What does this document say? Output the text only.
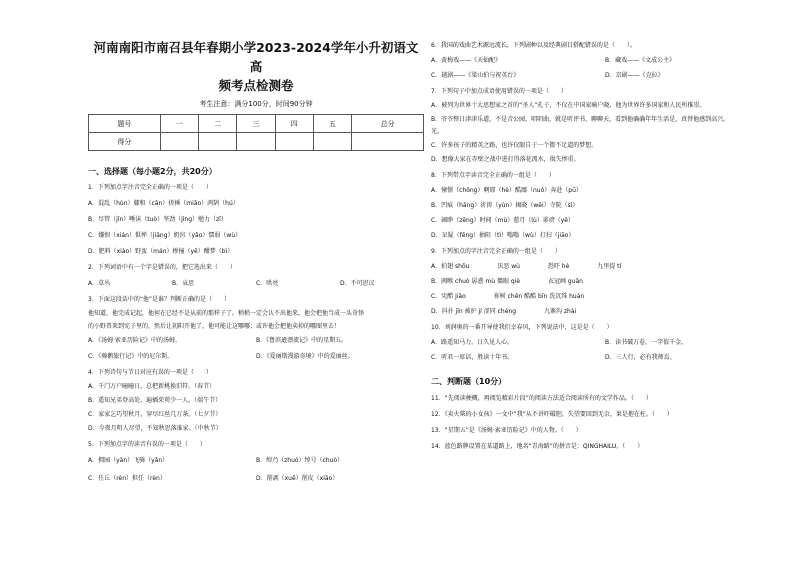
河南南阳市南召县年春期小学2023-2024学年小升初语文高
频考点检测卷
考生注意：满分100分，时间90分钟
题号	一	二	三	四	五	总分
得分						
一、选择题（每小题2分，共20分）
1．下列加点字注音完全正确的一项是（　　）
A．混乱（hùn）膝和（cān）搓捶（miāo）鸿鹄（hú）
B．尽管（jǐn）唾沫（tuò）坚劲（jìng）勉力（zī）
C．嫌恨（xián）惧惮（jiāng）奶窍（yǎo）懦弱（wù）
D．肥料（xiào）野蛮（mán）掺撞（yě）酣梦（bì）
2．下列词语中有一个字是错误的，把它选出来（　　）
A．草丛	B．哀思	C．哄亮	D．不可思议
3．下面这段话中的“他”是谁？判断正确的是（　　）
他知道，他完成记起，他何在已经不是从前的那样子了。稍稍一定会认不出他来，他会把他当成一头奇怪
的小野兽来到宪子里的，然后让初阳开他了。他可能让这哪哪；或许他会把他卖掉的哪图里去！
A．《汤姆·索亚历险记》中的汤姆。	B．《鲁滨逊漂流记》中的星期五。
C．《骑鹅旅行记》中的尼尔斯。	D．《爱丽斯漫游奇境》中的爱丽丝。
4．下列诗句与节日对应有误的一项是（　　）
A．千门万户曈曈日，总把新桃换旧符。（春节）
B．遥知兄弟登高处，遍插茱萸少一人。（端午节）
C．家家乞巧望秋月，穿尽红丝几万条。（七夕节）
D．今夜月明人尽望，不知秋思落谁家。（中秋节）
5．下列加点字的读音有误的一项是（　　）
A．拥园（yǎn）飞骑（yǎn）	B．绰乃（zhuó）绰号（chuò）
C．任丘（rèn）担任（rèn）	D．削剥（xuē）削皮（xiāo）
6．我国的戏曲艺术源远流长，下列剧种以及经典剧目搭配错误的是（　　）。
A．黄梅戏——《天仙配》	B．藏戏——《文成公主》
C．越剧——《梁山伯与祝英台》	D．京剧——《克拉》
7．下列句子中加点成语使用错误的一项是（　　）
A．被列为世界十大思想家之首的“圣人”孔子，不仅在中国家喻户晓，他为世界许多国家和人民所推崇。
B．爷爷整日津津乐道，不是音公园，唱唱曲，就是听评书，聊聊天，看到他确确年年生活是，真替他感到高兴。
光。
C．许多孩子的精英之路，也许仅限自于一个微不足道的梦想。
D．想像大家在赤壁之战中进打得落花流水，损失惨重。
8．下列带点字读音完全正确的一组是（　　）
A．憧憬（chōng）啊耶（hè）酷鄙（nuó）奔赴（pū）
B．凹痕（hāng）祈祷（yùn）揭晓（wěi）寺院（sì）
C．阔睁（zēng）时间（mù）慈月（lù）诽谤（yě）
D．呆疑（fēng）抽阻（tì）嗡嗡（wù）打扫（jiāo）
9．下列加点的字注音完全正确的一组是（　　）
A．拍翅 shōu	厌恶 wù	恐吓 hè	九里提 tí
B．阀喉 chuò 孱惑 mù 僵眼 qiè	衣冠画 guān
C．宪醋 jiǎo	祢树 chēn 酷酷 bīn 洗沉珠 huán
D．抖扑 jīn 被护 jí 涩同 chéng	九寨沟 zhài
10．刘润奥的一番开导使我们幸春风，下列说法中，这是是（　　）
A．路遥知马力，日久见人心。	B．读书破万卷，一字值千金。
C．听君一席话，胜读十年书。	D．三人行，必有我师焉。
二、判断题（10分）
11．“先阅读梗概，再阅览精彩片段”的阅读方法适合阅读所有的文学作品。（　　）
12．《卖火柴的小女孩》一文中“我”从不讲吓破胆，失望要回到无奈，果是抱在枉。（　　）
13．“星期五”是《汤姆·索亚历险记》中的人物。（　　）
14．蓝色路牌设置在某道路上，地名“青海路”的拼音是：QINGHAILU。（　　）
